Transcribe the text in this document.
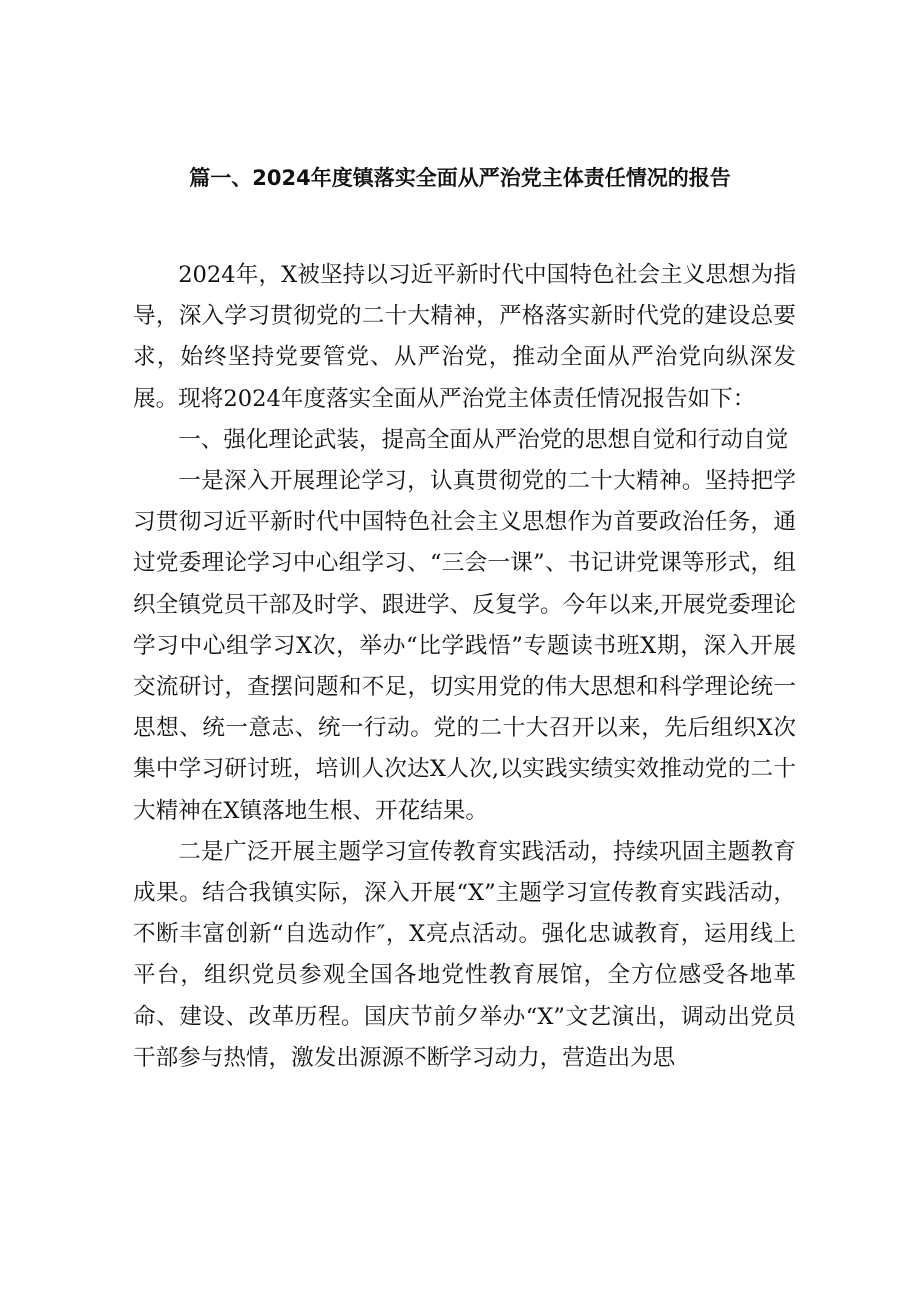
篇一、2024年度镇落实全面从严治党主体责任情况的报告

2024年，X被坚持以习近平新时代中国特色社会主义思想为指导，深入学习贯彻党的二十大精神，严格落实新时代党的建设总要求，始终坚持党要管党、从严治党，推动全面从严治党向纵深发展。现将2024年度落实全面从严治党主体责任情况报告如下：

一、强化理论武装，提高全面从严治党的思想自觉和行动自觉

一是深入开展理论学习，认真贯彻党的二十大精神。坚持把学习贯彻习近平新时代中国特色社会主义思想作为首要政治任务，通过党委理论学习中心组学习、“三会一课”、书记讲党课等形式，组织全镇党员干部及时学、跟进学、反复学。今年以来,开展党委理论学习中心组学习X次，举办“比学践悟”专题读书班X期，深入开展交流研讨，查摆问题和不足，切实用党的伟大思想和科学理论统一思想、统一意志、统一行动。党的二十大召开以来，先后组织X次集中学习研讨班，培训人次达X人次,以实践实绩实效推动党的二十大精神在X镇落地生根、开花结果。

二是广泛开展主题学习宣传教育实践活动，持续巩固主题教育成果。结合我镇实际，深入开展“X”主题学习宣传教育实践活动，不断丰富创新“自选动作″，X亮点活动。强化忠诚教育，运用线上平台，组织党员参观全国各地党性教育展馆，全方位感受各地革命、建设、改革历程。国庆节前夕举办“X”文艺演出，调动出党员干部参与热情，激发出源源不断学习动力，营造出为思
